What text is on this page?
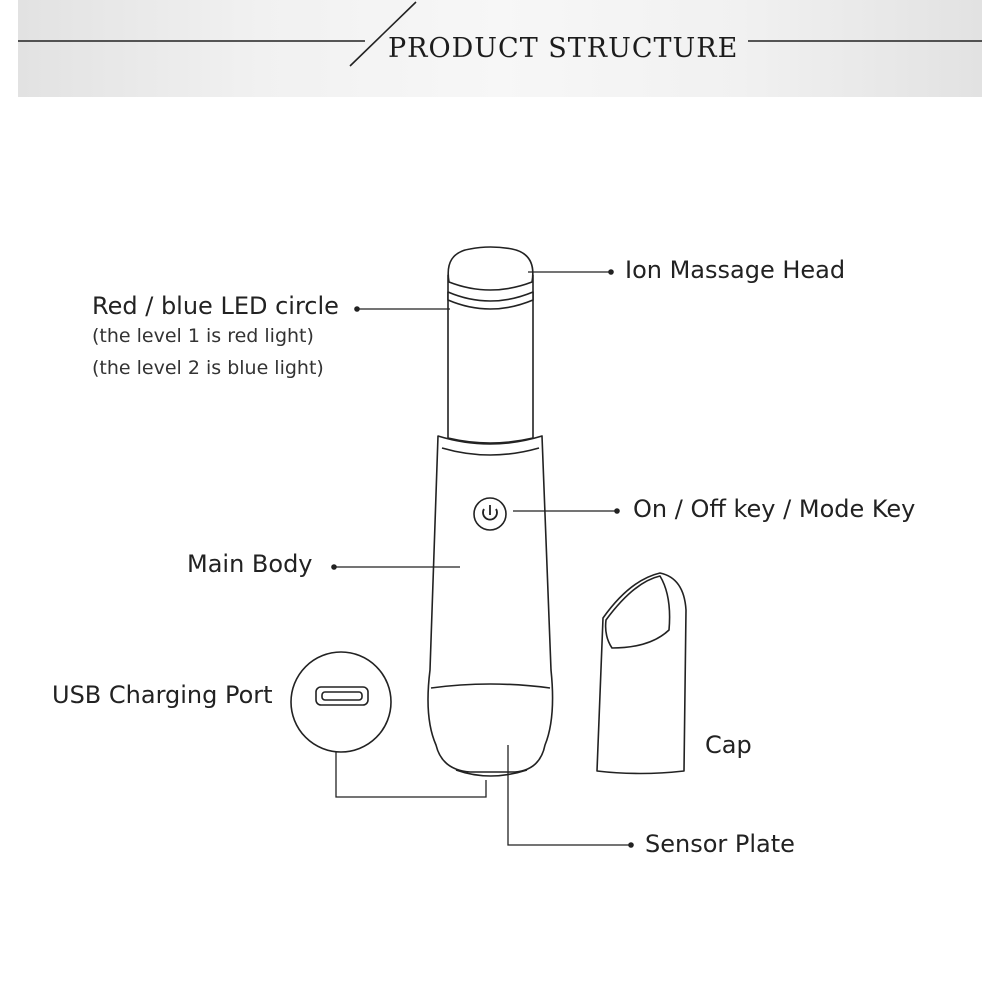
PRODUCT STRUCTURE
Ion Massage Head
Red / blue LED circle
(the level 1 is red light)
(the level 2 is blue light)
On / Off key / Mode Key
Main Body
USB Charging Port
Cap
Sensor Plate
